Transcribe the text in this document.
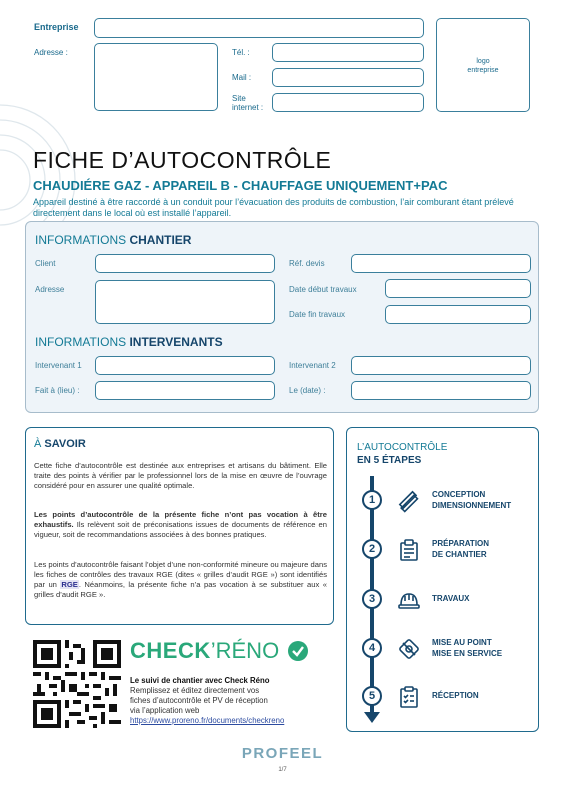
Entreprise
Adresse :	Tél. :
Mail :
Site
internet :
logo
entreprise
FICHE D’AUTOCONTRÔLE
CHAUDIÉRE GAZ - APPAREIL B - CHAUFFAGE UNIQUEMENT+PAC
Appareil destiné à être raccordé à un conduit pour l’évacuation des produits de combustion, l’air comburant étant prélevé directement dans le local où est installé l’appareil.
INFORMATIONS CHANTIER
Client	Réf. devis
Adresse	Date début travaux
Date fin travaux
INFORMATIONS INTERVENANTS
Intervenant 1	Intervenant 2
Fait à (lieu) :	Le (date) :
À SAVOIR
Cette fiche d’autocontrôle est destinée aux entreprises et artisans du bâtiment. Elle traite des points à vérifier par le professionnel lors de la mise en œuvre de l’ouvrage considéré pour en assurer une qualité optimale.
Les points d’autocontrôle de la présente fiche n’ont pas vocation à être exhaustifs. Ils relèvent soit de préconisations issues de documents de référence en vigueur, soit de recommandations associées à des bonnes pratiques.
Les points d’autocontrôle faisant l’objet d’une non-conformité mineure ou majeure dans les fiches de contrôles des travaux RGE (dites « grilles d’audit RGE ») sont identifiés par un RGE. Néanmoins, la présente fiche n’a pas vocation à se substituer aux « grilles d’audit RGE ».
L’AUTOCONTRÔLE
EN 5 ÉTAPES
1	CONCEPTION
DIMENSIONNEMENT
2	PRÉPARATION
DE CHANTIER
3	TRAVAUX
4	MISE AU POINT
MISE EN SERVICE
5	RÉCEPTION
CHECK’RÉNO
Le suivi de chantier avec Check Réno
Remplissez et éditez directement vos
fiches d’autocontrôle et PV de réception
via l’application web
https://www.proreno.fr/documents/checkreno
PROFEEL
1/7
